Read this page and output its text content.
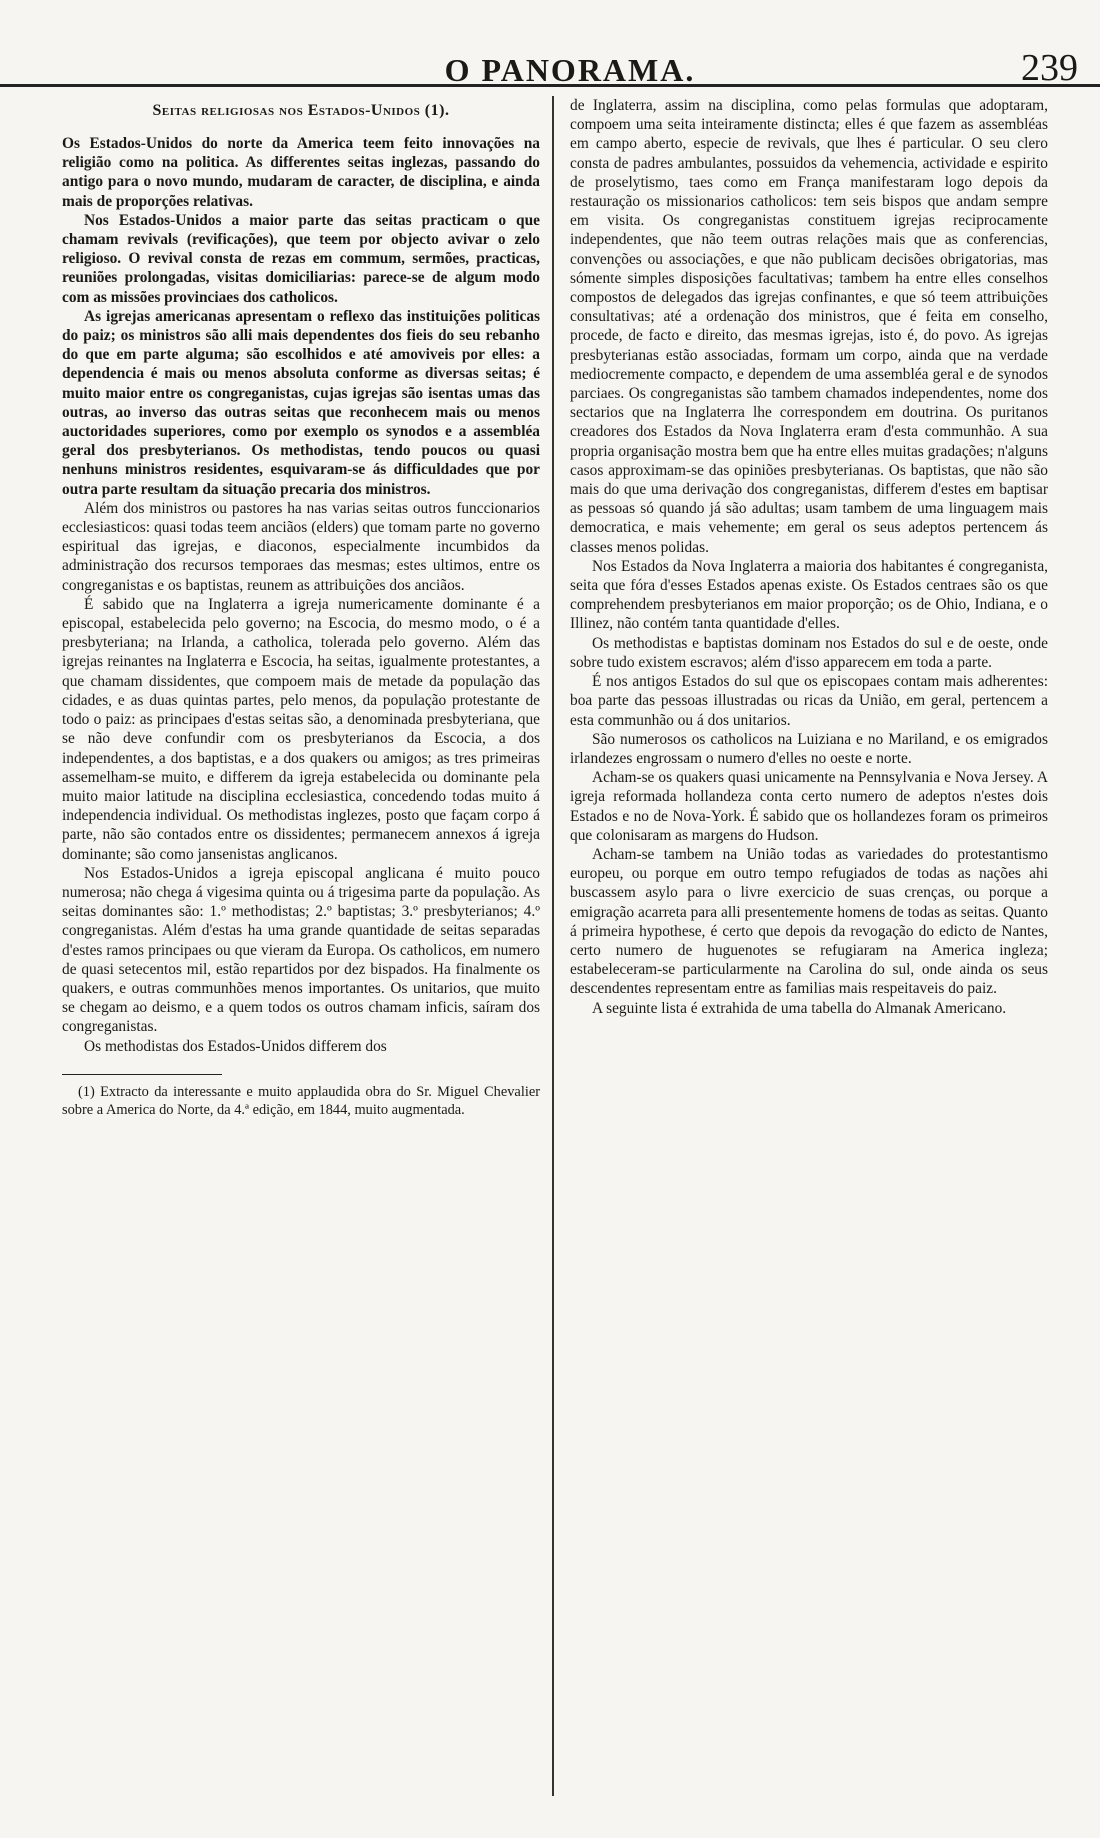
O PANORAMA.	239
Seitas religiosas nos Estados-Unidos (1).

Os Estados-Unidos do norte da America teem feito innovações na religião como na politica. As differentes seitas inglezas, passando do antigo para o novo mundo, mudaram de caracter, de disciplina, e ainda mais de proporções relativas.

Nos Estados-Unidos a maior parte das seitas practicam o que chamam revivals (revificações), que teem por objecto avivar o zelo religioso. O revival consta de rezas em commum, sermões, practicas, reuniões prolongadas, visitas domiciliarias: parece-se de algum modo com as missões provinciaes dos catholicos.

As igrejas americanas apresentam o reflexo das instituições politicas do paiz; os ministros são alli mais dependentes dos fieis do seu rebanho do que em parte alguma; são escolhidos e até amoviveis por elles: a dependencia é mais ou menos absoluta conforme as diversas seitas; é muito maior entre os congreganistas, cujas igrejas são isentas umas das outras, ao inverso das outras seitas que reconhecem mais ou menos auctoridades superiores, como por exemplo os synodos e a assembléa geral dos presbyterianos. Os methodistas, tendo poucos ou quasi nenhuns ministros residentes, esquivaram-se ás difficuldades que por outra parte resultam da situação precaria dos ministros.

Além dos ministros ou pastores ha nas varias seitas outros funccionarios ecclesiasticos: quasi todas teem anciãos (elders) que tomam parte no governo espiritual das igrejas, e diaconos, especialmente incumbidos da administração dos recursos temporaes das mesmas; estes ultimos, entre os congreganistas e os baptistas, reunem as attribuições dos anciãos.

É sabido que na Inglaterra a igreja numericamente dominante é a episcopal, estabelecida pelo governo; na Escocia, do mesmo modo, o é a presbyteriana; na Irlanda, a catholica, tolerada pelo governo. Além das igrejas reinantes na Inglaterra e Escocia, ha seitas, igualmente protestantes, a que chamam dissidentes, que compoem mais de metade da população das cidades, e as duas quintas partes, pelo menos, da população protestante de todo o paiz: as principaes d'estas seitas são, a denominada presbyteriana, que se não deve confundir com os presbyterianos da Escocia, a dos independentes, a dos baptistas, e a dos quakers ou amigos; as tres primeiras assemelham-se muito, e differem da igreja estabelecida ou dominante pela muito maior latitude na disciplina ecclesiastica, concedendo todas muito á independencia individual. Os methodistas inglezes, posto que façam corpo á parte, não são contados entre os dissidentes; permanecem annexos á igreja dominante; são como jansenistas anglicanos.

Nos Estados-Unidos a igreja episcopal anglicana é muito pouco numerosa; não chega á vigesima quinta ou á trigesima parte da população. As seitas dominantes são: 1.º methodistas; 2.º baptistas; 3.º presbyterianos; 4.º congreganistas. Além d'estas ha uma grande quantidade de seitas separadas d'estes ramos principaes ou que vieram da Europa. Os catholicos, em numero de quasi setecentos mil, estão repartidos por dez bispados. Ha finalmente os quakers, e outras communhões menos importantes. Os unitarios, que muito se chegam ao deismo, e a quem todos os outros chamam inficis, saíram dos congreganistas.

Os methodistas dos Estados-Unidos differem dos

(1) Extracto da interessante e muito applaudida obra do Sr. Miguel Chevalier sobre a America do Norte, da 4.ª edição, em 1844, muito augmentada.

de Inglaterra, assim na disciplina, como pelas formulas que adoptaram, compoem uma seita inteiramente distincta; elles é que fazem as assembléas em campo aberto, especie de revivals, que lhes é particular. O seu clero consta de padres ambulantes, possuidos da vehemencia, actividade e espirito de proselytismo, taes como em França manifestaram logo depois da restauração os missionarios catholicos: tem seis bispos que andam sempre em visita. Os congreganistas constituem igrejas reciprocamente independentes, que não teem outras relações mais que as conferencias, convenções ou associações, e que não publicam decisões obrigatorias, mas sómente simples disposições facultativas; tambem ha entre elles conselhos compostos de delegados das igrejas confinantes, e que só teem attribuições consultativas; até a ordenação dos ministros, que é feita em conselho, procede, de facto e direito, das mesmas igrejas, isto é, do povo. As igrejas presbyterianas estão associadas, formam um corpo, ainda que na verdade mediocremente compacto, e dependem de uma assembléa geral e de synodos parciaes. Os congreganistas são tambem chamados independentes, nome dos sectarios que na Inglaterra lhe correspondem em doutrina. Os puritanos creadores dos Estados da Nova Inglaterra eram d'esta communhão. A sua propria organisação mostra bem que ha entre elles muitas gradações; n'alguns casos approximam-se das opiniões presbyterianas. Os baptistas, que não são mais do que uma derivação dos congreganistas, differem d'estes em baptisar as pessoas só quando já são adultas; usam tambem de uma linguagem mais democratica, e mais vehemente; em geral os seus adeptos pertencem ás classes menos polidas.

Nos Estados da Nova Inglaterra a maioria dos habitantes é congreganista, seita que fóra d'esses Estados apenas existe. Os Estados centraes são os que comprehendem presbyterianos em maior proporção; os de Ohio, Indiana, e o Illinez, não contém tanta quantidade d'elles.

Os methodistas e baptistas dominam nos Estados do sul e de oeste, onde sobre tudo existem escravos; além d'isso apparecem em toda a parte.

É nos antigos Estados do sul que os episcopaes contam mais adherentes: boa parte das pessoas illustradas ou ricas da União, em geral, pertencem a esta communhão ou á dos unitarios.

São numerosos os catholicos na Luiziana e no Mariland, e os emigrados irlandezes engrossam o numero d'elles no oeste e norte.

Acham-se os quakers quasi unicamente na Pennsylvania e Nova Jersey. A igreja reformada hollandeza conta certo numero de adeptos n'estes dois Estados e no de Nova-York. É sabido que os hollandezes foram os primeiros que colonisaram as margens do Hudson.

Acham-se tambem na União todas as variedades do protestantismo europeu, ou porque em outro tempo refugiados de todas as nações ahi buscassem asylo para o livre exercicio de suas crenças, ou porque a emigração acarreta para alli presentemente homens de todas as seitas. Quanto á primeira hypothese, é certo que depois da revogação do edicto de Nantes, certo numero de huguenotes se refugiaram na America ingleza; estabeleceram-se particularmente na Carolina do sul, onde ainda os seus descendentes representam entre as familias mais respeitaveis do paiz.

A seguinte lista é extrahida de uma tabella do Almanak Americano.
